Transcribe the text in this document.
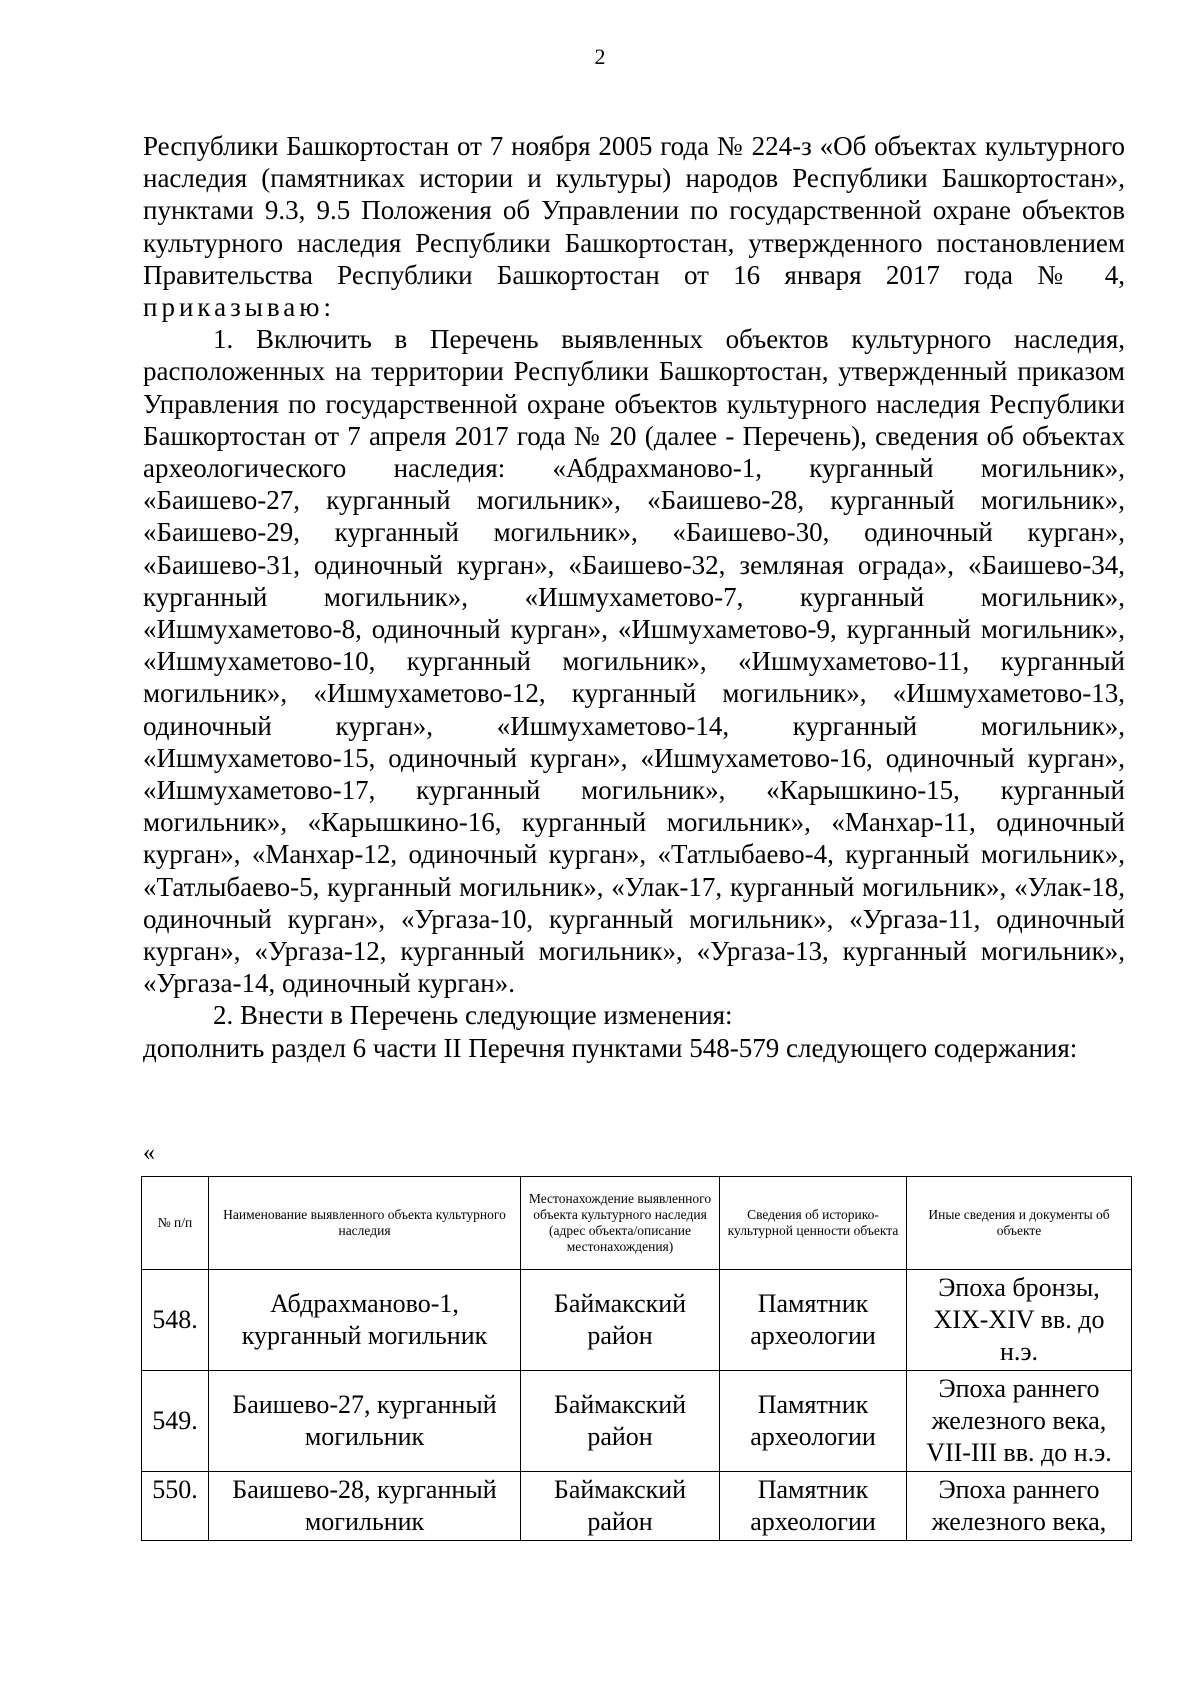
2

Республики Башкортостан от 7 ноября 2005 года № 224-з «Об объектах культурного наследия (памятниках истории и культуры) народов Республики Башкортостан», пунктами 9.3, 9.5 Положения об Управлении по государственной охране объектов культурного наследия Республики Башкортостан, утвержденного постановлением Правительства Республики Башкортостан от 16 января 2017 года № 4, приказываю:

1. Включить в Перечень выявленных объектов культурного наследия, расположенных на территории Республики Башкортостан, утвержденный приказом Управления по государственной охране объектов культурного наследия Республики Башкортостан от 7 апреля 2017 года № 20 (далее - Перечень), сведения об объектах археологического наследия: «Абдрахманово-1, курганный могильник», «Баишево-27, курганный могильник», «Баишево-28, курганный могильник», «Баишево-29, курганный могильник», «Баишево-30, одиночный курган», «Баишево-31, одиночный курган», «Баишево-32, земляная ограда», «Баишево-34, курганный могильник», «Ишмухаметово-7, курганный могильник», «Ишмухаметово-8, одиночный курган», «Ишмухаметово-9, курганный могильник», «Ишмухаметово-10, курганный могильник», «Ишмухаметово-11, курганный могильник», «Ишмухаметово-12, курганный могильник», «Ишмухаметово-13, одиночный курган», «Ишмухаметово-14, курганный могильник», «Ишмухаметово-15, одиночный курган», «Ишмухаметово-16, одиночный курган», «Ишмухаметово-17, курганный могильник», «Карышкино-15, курганный могильник», «Карышкино-16, курганный могильник», «Манхар-11, одиночный курган», «Манхар-12, одиночный курган», «Татлыбаево-4, курганный могильник», «Татлыбаево-5, курганный могильник», «Улак-17, курганный могильник», «Улак-18, одиночный курган», «Ургаза-10, курганный могильник», «Ургаза-11, одиночный курган», «Ургаза-12, курганный могильник», «Ургаза-13, курганный могильник», «Ургаза-14, одиночный курган».

2. Внести в Перечень следующие изменения:

дополнить раздел 6 части II Перечня пунктами 548-579 следующего содержания:

«
№ п/п	Наименование выявленного объекта культурного наследия	Местонахождение выявленного объекта культурного наследия (адрес объекта/описание местонахождения)	Сведения об историко-культурной ценности объекта	Иные сведения и документы об объекте
548.	Абдрахманово-1, курганный могильник	Баймакский район	Памятник археологии	Эпоха бронзы, XIX-XIV вв. до н.э.
549.	Баишево-27, курганный могильник	Баймакский район	Памятник археологии	Эпоха раннего железного века, VII-III вв. до н.э.
550.	Баишево-28, курганный могильник	Баймакский район	Памятник археологии	Эпоха раннего железного века,
